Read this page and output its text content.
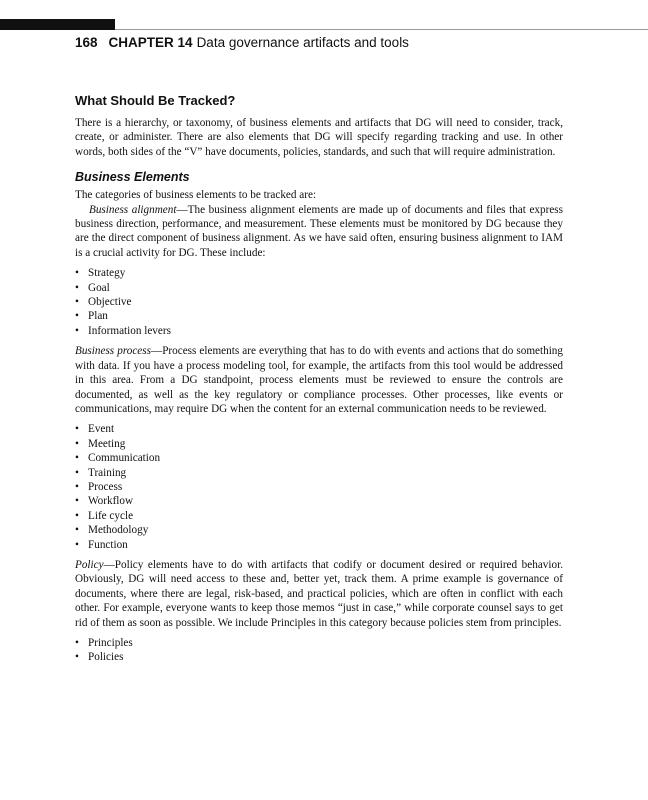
168 CHAPTER 14 Data governance artifacts and tools
What Should Be Tracked?

There is a hierarchy, or taxonomy, of business elements and artifacts that DG will need to consider, track, create, or administer. There are also elements that DG will specify regarding tracking and use. In other words, both sides of the “V” have documents, policies, standards, and such that will require administration.

Business Elements

The categories of business elements to be tracked are:

Business alignment—The business alignment elements are made up of documents and files that express business direction, performance, and measurement. These elements must be monitored by DG because they are the direct component of business alignment. As we have said often, ensuring business alignment to IAM is a crucial activity for DG. These include:

• Strategy
• Goal
• Objective
• Plan
• Information levers

Business process—Process elements are everything that has to do with events and actions that do something with data. If you have a process modeling tool, for example, the artifacts from this tool would be addressed in this area. From a DG standpoint, process elements must be reviewed to ensure the controls are documented, as well as the key regulatory or compliance processes. Other processes, like events or communications, may require DG when the content for an external communication needs to be reviewed.

• Event
• Meeting
• Communication
• Training
• Process
• Workflow
• Life cycle
• Methodology
• Function

Policy—Policy elements have to do with artifacts that codify or document desired or required behavior. Obviously, DG will need access to these and, better yet, track them. A prime example is governance of documents, where there are legal, risk-based, and practical policies, which are often in conflict with each other. For example, everyone wants to keep those memos “just in case,” while corporate counsel says to get rid of them as soon as possible. We include Principles in this category because policies stem from principles.

• Principles
• Policies
